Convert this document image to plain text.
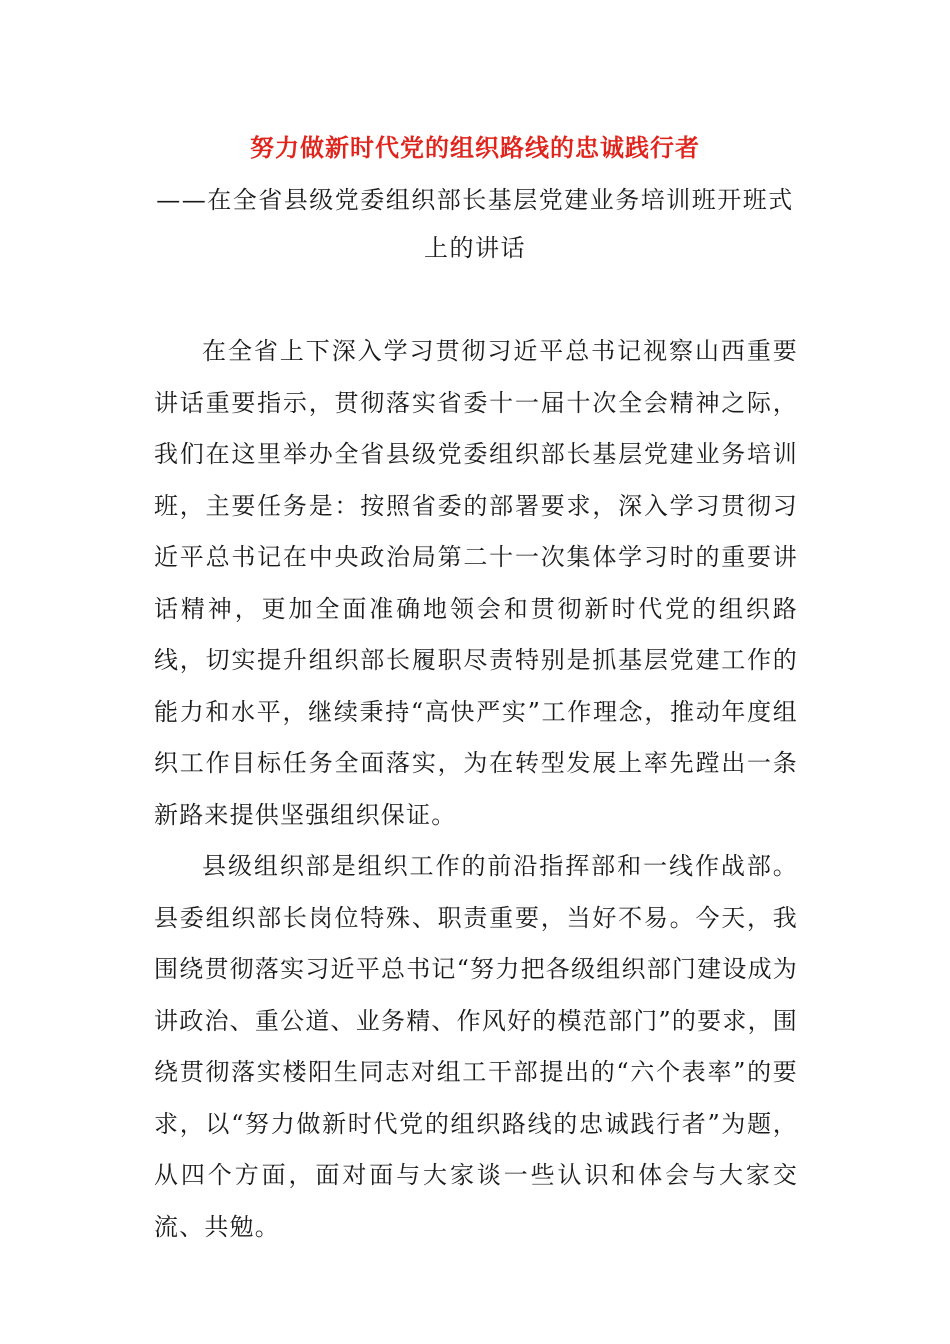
努力做新时代党的组织路线的忠诚践行者
——在全省县级党委组织部长基层党建业务培训班开班式上的讲话

在全省上下深入学习贯彻习近平总书记视察山西重要讲话重要指示，贯彻落实省委十一届十次全会精神之际，我们在这里举办全省县级党委组织部长基层党建业务培训班，主要任务是：按照省委的部署要求，深入学习贯彻习近平总书记在中央政治局第二十一次集体学习时的重要讲话精神，更加全面准确地领会和贯彻新时代党的组织路线，切实提升组织部长履职尽责特别是抓基层党建工作的能力和水平，继续秉持“高快严实”工作理念，推动年度组织工作目标任务全面落实，为在转型发展上率先蹚出一条新路来提供坚强组织保证。

县级组织部是组织工作的前沿指挥部和一线作战部。县委组织部长岗位特殊、职责重要，当好不易。今天，我围绕贯彻落实习近平总书记“努力把各级组织部门建设成为讲政治、重公道、业务精、作风好的模范部门”的要求，围绕贯彻落实楼阳生同志对组工干部提出的“六个表率”的要求，以“努力做新时代党的组织路线的忠诚践行者”为题，从四个方面，面对面与大家谈一些认识和体会与大家交流、共勉。
